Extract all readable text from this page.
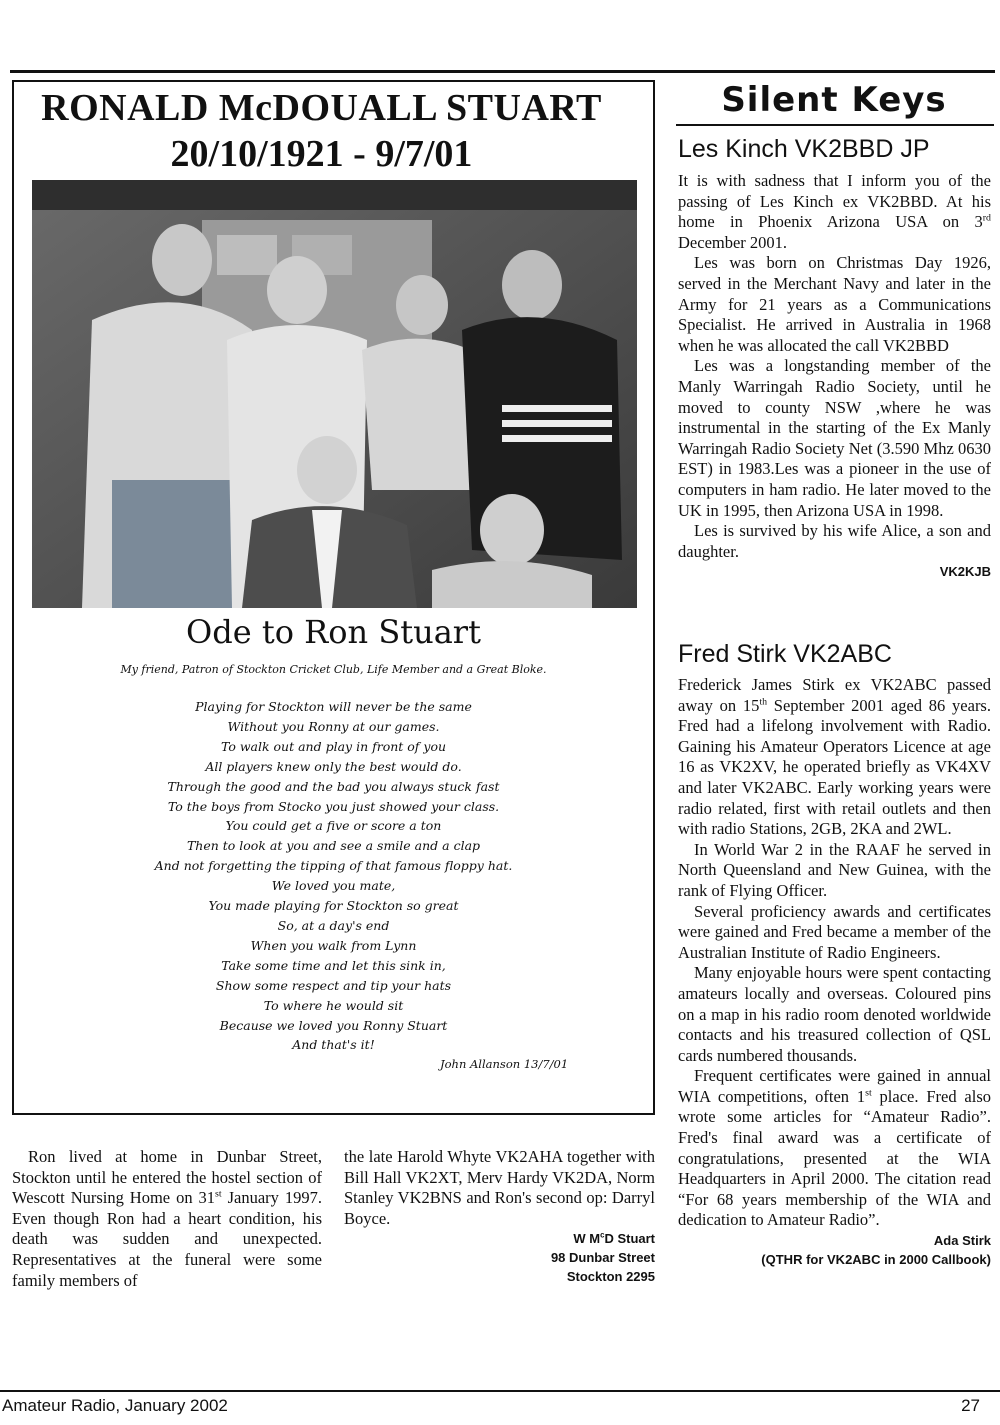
RONALD McDOUALL STUART
20/10/1921 - 9/7/01
Ode to Ron Stuart
My friend, Patron of Stockton Cricket Club, Life Member and a Great Bloke.
Playing for Stockton will never be the same
Without you Ronny at our games.
To walk out and play in front of you
All players knew only the best would do.
Through the good and the bad you always stuck fast
To the boys from Stocko you just showed your class.
You could get a five or score a ton
Then to look at you and see a smile and a clap
And not forgetting the tipping of that famous floppy hat.
We loved you mate,
You made playing for Stockton so great
So, at a day's end
When you walk from Lynn
Take some time and let this sink in,
Show some respect and tip your hats
To where he would sit
Because we loved you Ronny Stuart
And that's it!
John Allanson 13/7/01

Ron lived at home in Dunbar Street, Stockton until he entered the hostel section of Wescott Nursing Home on 31st January 1997. Even though Ron had a heart condition, his death was sudden and unexpected. Representatives at the funeral were some family members of

the late Harold Whyte VK2AHA together with Bill Hall VK2XT, Merv Hardy VK2DA, Norm Stanley VK2BNS and Ron's second op: Darryl Boyce.

W $M^cD$ Stuart
98 Dunbar Street
Stockton 2295
Silent Keys
Les Kinch VK2BBD JP

It is with sadness that I inform you of the passing of Les Kinch ex VK2BBD. At his home in Phoenix Arizona USA on 3rd December 2001.

Les was born on Christmas Day 1926, served in the Merchant Navy and later in the Army for 21 years as a Communications Specialist. He arrived in Australia in 1968 when he was allocated the call VK2BBD

Les was a longstanding member of the Manly Warringah Radio Society, until he moved to county NSW ,where he was instrumental in the starting of the Ex Manly Warringah Radio Society Net (3.590 Mhz 0630 EST) in 1983.Les was a pioneer in the use of computers in ham radio. He later moved to the UK in 1995, then Arizona USA in 1998.

Les is survived by his wife Alice, a son and daughter.

VK2KJB
Fred Stirk VK2ABC

Frederick James Stirk ex VK2ABC passed away on 15th September 2001 aged 86 years. Fred had a lifelong involvement with Radio. Gaining his Amateur Operators Licence at age 16 as VK2XV, he operated briefly as VK4XV and later VK2ABC. Early working years were radio related, first with retail outlets and then with radio Stations, 2GB, 2KA and 2WL.

In World War 2 in the RAAF he served in North Queensland and New Guinea, with the rank of Flying Officer.

Several proficiency awards and certificates were gained and Fred became a member of the Australian Institute of Radio Engineers.

Many enjoyable hours were spent contacting amateurs locally and overseas. Coloured pins on a map in his radio room denoted worldwide contacts and his treasured collection of QSL cards numbered thousands.

Frequent certificates were gained in annual WIA competitions, often 1st place. Fred also wrote some articles for “Amateur Radio”. Fred's final award was a certificate of congratulations, presented at the WIA Headquarters in April 2000. The citation read “For 68 years membership of the WIA and dedication to Amateur Radio”.

Ada Stirk
(QTHR for VK2ABC in 2000 Callbook)
Amateur Radio, January 2002	27
